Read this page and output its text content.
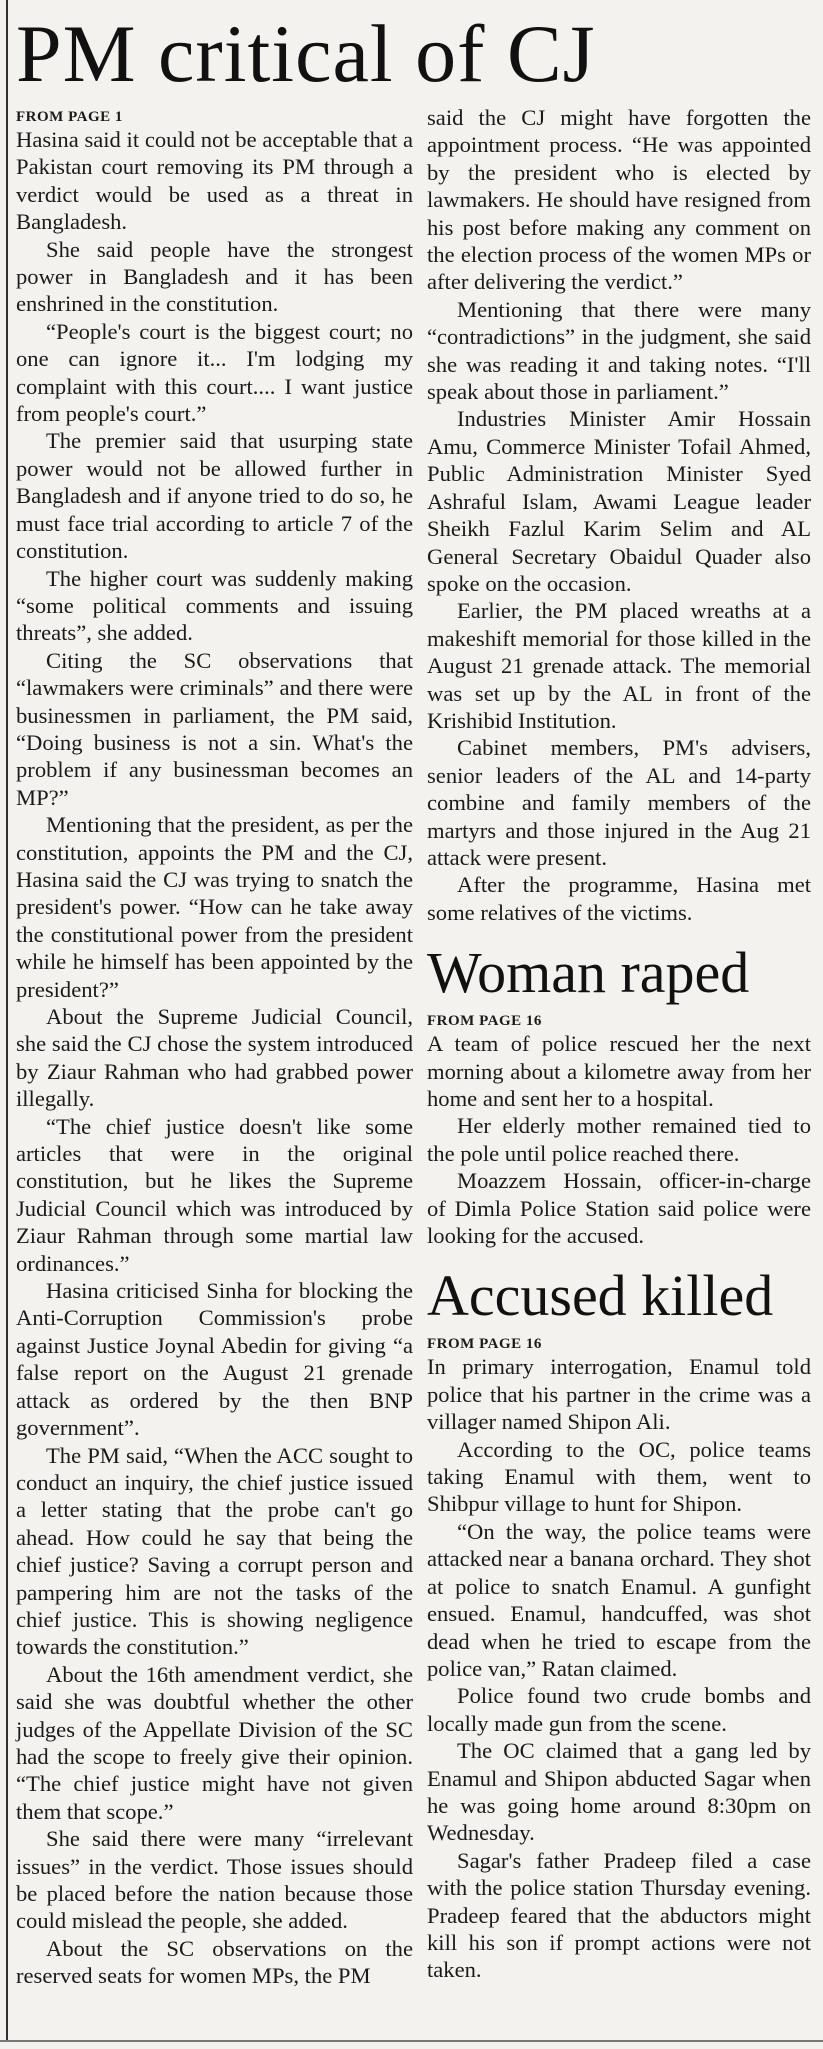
PM critical of CJ
FROM PAGE 1

Hasina said it could not be acceptable that a Pakistan court removing its PM through a verdict would be used as a threat in Bangladesh.

She said people have the strongest power in Bangladesh and it has been enshrined in the constitution.

“People's court is the biggest court; no one can ignore it... I'm lodging my complaint with this court.... I want justice from people's court.”

The premier said that usurping state power would not be allowed further in Bangladesh and if anyone tried to do so, he must face trial according to article 7 of the constitution.

The higher court was suddenly making “some political comments and issuing threats”, she added.

Citing the SC observations that “lawmakers were criminals” and there were businessmen in parliament, the PM said, “Doing business is not a sin. What's the problem if any businessman becomes an MP?”

Mentioning that the president, as per the constitution, appoints the PM and the CJ, Hasina said the CJ was trying to snatch the president's power. “How can he take away the constitutional power from the president while he himself has been appointed by the president?”

About the Supreme Judicial Council, she said the CJ chose the system introduced by Ziaur Rahman who had grabbed power illegally.

“The chief justice doesn't like some articles that were in the original constitution, but he likes the Supreme Judicial Council which was introduced by Ziaur Rahman through some martial law ordinances.”

Hasina criticised Sinha for blocking the Anti-Corruption Commission's probe against Justice Joynal Abedin for giving “a false report on the August 21 grenade attack as ordered by the then BNP government”.

The PM said, “When the ACC sought to conduct an inquiry, the chief justice issued a letter stating that the probe can't go ahead. How could he say that being the chief justice? Saving a corrupt person and pampering him are not the tasks of the chief justice. This is showing negligence towards the constitution.”

About the 16th amendment verdict, she said she was doubtful whether the other judges of the Appellate Division of the SC had the scope to freely give their opinion. “The chief justice might have not given them that scope.”

She said there were many “irrelevant issues” in the verdict. Those issues should be placed before the nation because those could mislead the people, she added.

About the SC observations on the reserved seats for women MPs, the PM

said the CJ might have forgotten the appointment process. “He was appointed by the president who is elected by lawmakers. He should have resigned from his post before making any comment on the election process of the women MPs or after delivering the verdict.”

Mentioning that there were many “contradictions” in the judgment, she said she was reading it and taking notes. “I'll speak about those in parliament.”

Industries Minister Amir Hossain Amu, Commerce Minister Tofail Ahmed, Public Administration Minister Syed Ashraful Islam, Awami League leader Sheikh Fazlul Karim Selim and AL General Secretary Obaidul Quader also spoke on the occasion.

Earlier, the PM placed wreaths at a makeshift memorial for those killed in the August 21 grenade attack. The memorial was set up by the AL in front of the Krishibid Institution.

Cabinet members, PM's advisers, senior leaders of the AL and 14-party combine and family members of the martyrs and those injured in the Aug 21 attack were present.

After the programme, Hasina met some relatives of the victims.

Woman raped
FROM PAGE 16

A team of police rescued her the next morning about a kilometre away from her home and sent her to a hospital.

Her elderly mother remained tied to the pole until police reached there.

Moazzem Hossain, officer-in-charge of Dimla Police Station said police were looking for the accused.

Accused killed
FROM PAGE 16

In primary interrogation, Enamul told police that his partner in the crime was a villager named Shipon Ali.

According to the OC, police teams taking Enamul with them, went to Shibpur village to hunt for Shipon.

“On the way, the police teams were attacked near a banana orchard. They shot at police to snatch Enamul. A gunfight ensued. Enamul, handcuffed, was shot dead when he tried to escape from the police van,” Ratan claimed.

Police found two crude bombs and locally made gun from the scene.

The OC claimed that a gang led by Enamul and Shipon abducted Sagar when he was going home around 8:30pm on Wednesday.

Sagar's father Pradeep filed a case with the police station Thursday evening. Pradeep feared that the abductors might kill his son if prompt actions were not taken.
